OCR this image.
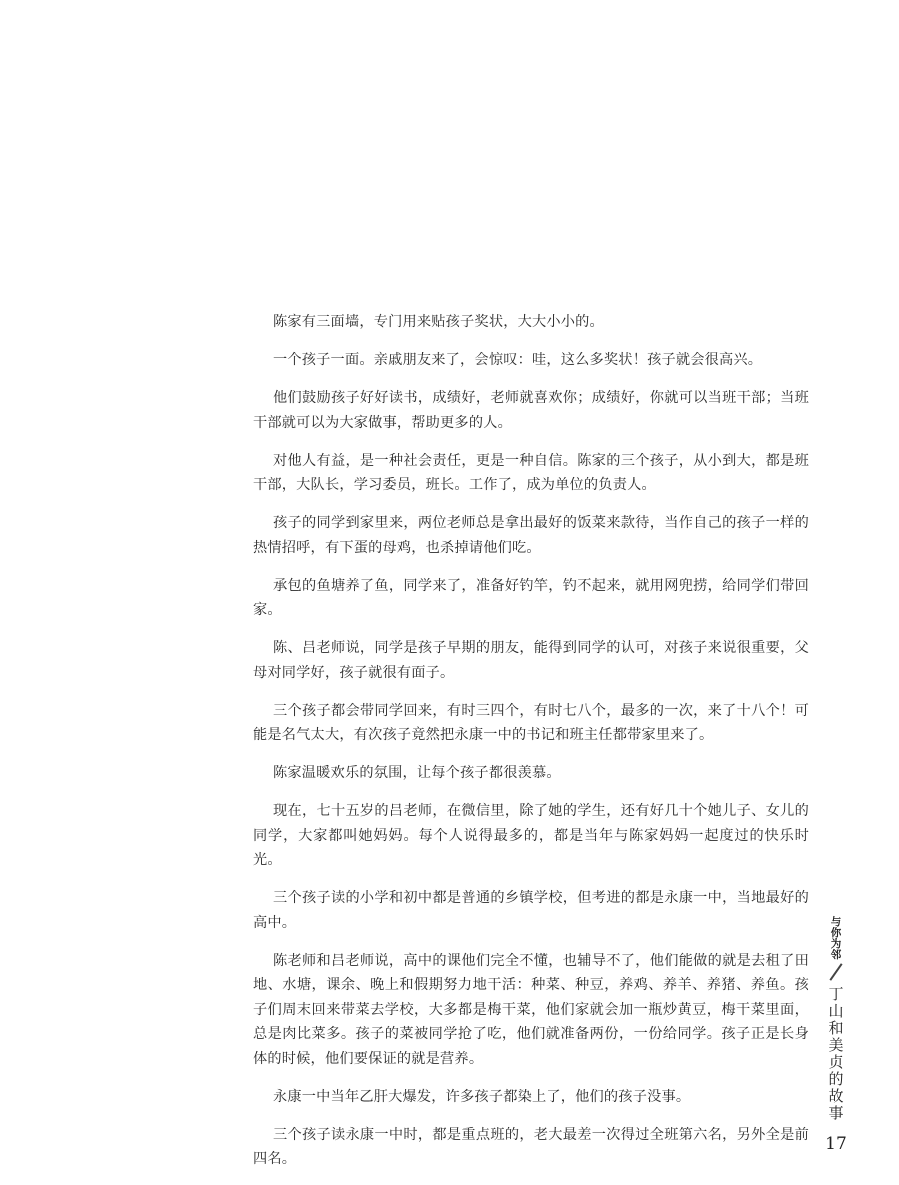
陈家有三面墙，专门用来贴孩子奖状，大大小小的。

一个孩子一面。亲戚朋友来了，会惊叹：哇，这么多奖状！孩子就会很高兴。

他们鼓励孩子好好读书，成绩好，老师就喜欢你；成绩好，你就可以当班干部；当班干部就可以为大家做事，帮助更多的人。

对他人有益，是一种社会责任，更是一种自信。陈家的三个孩子，从小到大，都是班干部，大队长，学习委员，班长。工作了，成为单位的负责人。

孩子的同学到家里来，两位老师总是拿出最好的饭菜来款待，当作自己的孩子一样的热情招呼，有下蛋的母鸡，也杀掉请他们吃。

承包的鱼塘养了鱼，同学来了，准备好钓竿，钓不起来，就用网兜捞，给同学们带回家。

陈、吕老师说，同学是孩子早期的朋友，能得到同学的认可，对孩子来说很重要，父母对同学好，孩子就很有面子。

三个孩子都会带同学回来，有时三四个，有时七八个，最多的一次，来了十八个！可能是名气太大，有次孩子竟然把永康一中的书记和班主任都带家里来了。

陈家温暖欢乐的氛围，让每个孩子都很羡慕。

现在，七十五岁的吕老师，在微信里，除了她的学生，还有好几十个她儿子、女儿的同学，大家都叫她妈妈。每个人说得最多的，都是当年与陈家妈妈一起度过的快乐时光。

三个孩子读的小学和初中都是普通的乡镇学校，但考进的都是永康一中，当地最好的高中。

陈老师和吕老师说，高中的课他们完全不懂，也辅导不了，他们能做的就是去租了田地、水塘，课余、晚上和假期努力地干活：种菜、种豆，养鸡、养羊、养猪、养鱼。孩子们周末回来带菜去学校，大多都是梅干菜，他们家就会加一瓶炒黄豆，梅干菜里面，总是肉比菜多。孩子的菜被同学抢了吃，他们就准备两份，一份给同学。孩子正是长身体的时候，他们要保证的就是营养。

永康一中当年乙肝大爆发，许多孩子都染上了，他们的孩子没事。

三个孩子读永康一中时，都是重点班的，老大最差一次得过全班第六名，另外全是前四名。

与你为邻
丁山和美贞的故事
17
